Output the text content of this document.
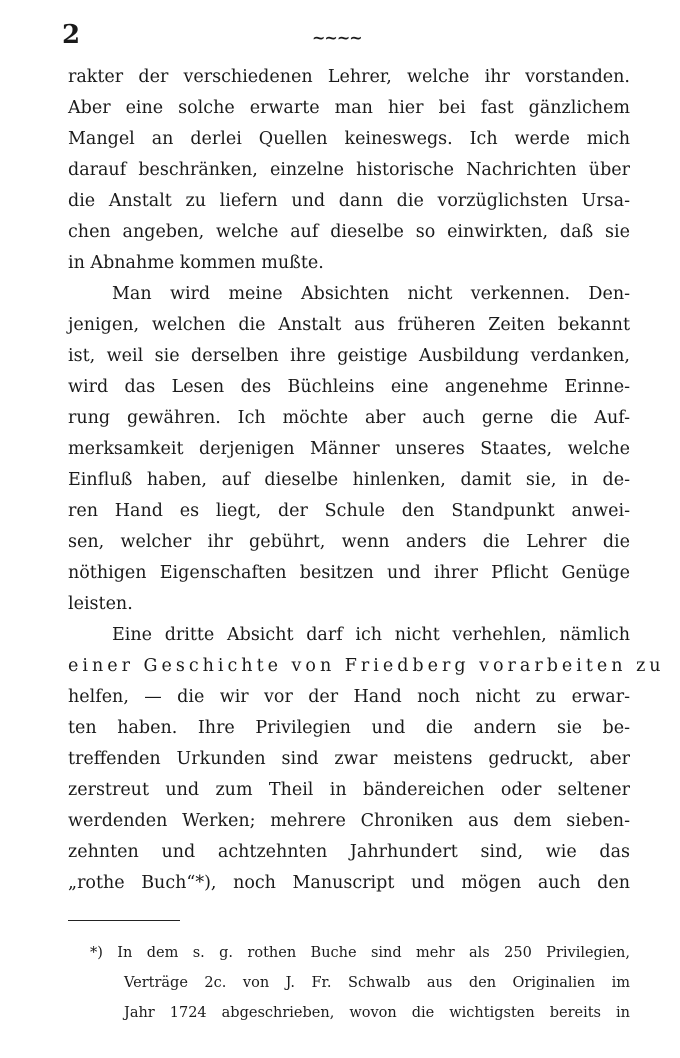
2	~~~~
rakter der verschiedenen Lehrer, welche ihr vorstanden.
Aber eine solche erwarte man hier bei fast gänzlichem
Mangel an derlei Quellen keineswegs. Ich werde mich
darauf beschränken, einzelne historische Nachrichten über
die Anstalt zu liefern und dann die vorzüglichsten Ursa-
chen angeben, welche auf dieselbe so einwirkten, daß sie
in Abnahme kommen mußte.
Man wird meine Absichten nicht verkennen. Den-
jenigen, welchen die Anstalt aus früheren Zeiten bekannt
ist, weil sie derselben ihre geistige Ausbildung verdanken,
wird das Lesen des Büchleins eine angenehme Erinne-
rung gewähren. Ich möchte aber auch gerne die Auf-
merksamkeit derjenigen Männer unseres Staates, welche
Einfluß haben, auf dieselbe hinlenken, damit sie, in de-
ren Hand es liegt, der Schule den Standpunkt anwei-
sen, welcher ihr gebührt, wenn anders die Lehrer die
nöthigen Eigenschaften besitzen und ihrer Pflicht Genüge
leisten.
Eine dritte Absicht darf ich nicht verhehlen, nämlich
einer Geschichte von Friedberg vorarbeiten zu
helfen, — die wir vor der Hand noch nicht zu erwar-
ten haben. Ihre Privilegien und die andern sie be-
treffenden Urkunden sind zwar meistens gedruckt, aber
zerstreut und zum Theil in bändereichen oder seltener
werdenden Werken; mehrere Chroniken aus dem sieben-
zehnten und achtzehnten Jahrhundert sind, wie das
„rothe Buch“*), noch Manuscript und mögen auch den
*) In dem s. g. rothen Buche sind mehr als 250 Privilegien,
Verträge 2c. von J. Fr. Schwalb aus den Originalien im
Jahr 1724 abgeschrieben, wovon die wichtigsten bereits in
